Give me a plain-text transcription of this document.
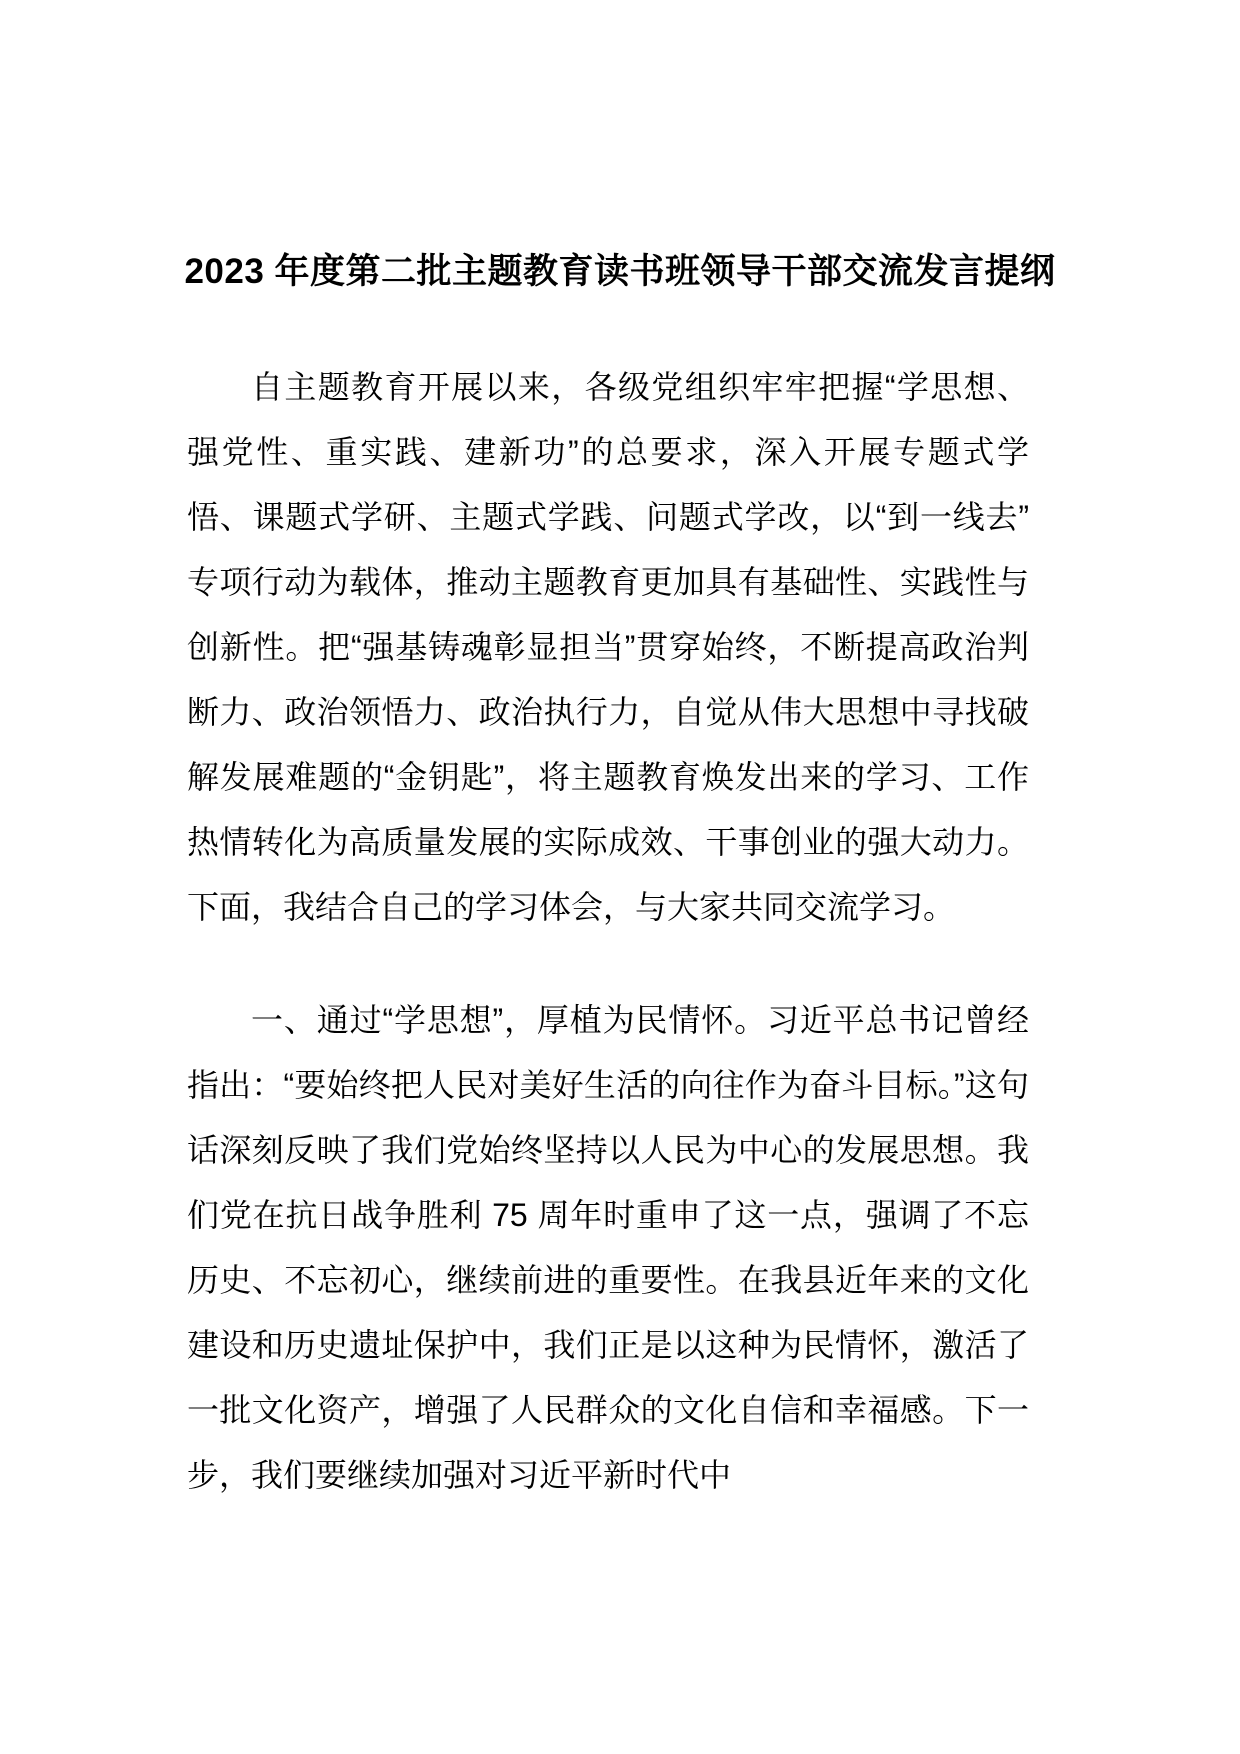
2023 年度第二批主题教育读书班领导干部交流发言提纲

自主题教育开展以来，各级党组织牢牢把握“学思想、强党性、重实践、建新功”的总要求，深入开展专题式学悟、课题式学研、主题式学践、问题式学改，以“到一线去”专项行动为载体，推动主题教育更加具有基础性、实践性与创新性。把“强基铸魂彰显担当”贯穿始终，不断提高政治判断力、政治领悟力、政治执行力，自觉从伟大思想中寻找破解发展难题的“金钥匙”，将主题教育焕发出来的学习、工作热情转化为高质量发展的实际成效、干事创业的强大动力。下面，我结合自己的学习体会，与大家共同交流学习。

一、通过“学思想”，厚植为民情怀。习近平总书记曾经指出：“要始终把人民对美好生活的向往作为奋斗目标。”这句话深刻反映了我们党始终坚持以人民为中心的发展思想。我们党在抗日战争胜利 75 周年时重申了这一点，强调了不忘历史、不忘初心，继续前进的重要性。在我县近年来的文化建设和历史遗址保护中，我们正是以这种为民情怀，激活了一批文化资产，增强了人民群众的文化自信和幸福感。下一步，我们要继续加强对习近平新时代中
